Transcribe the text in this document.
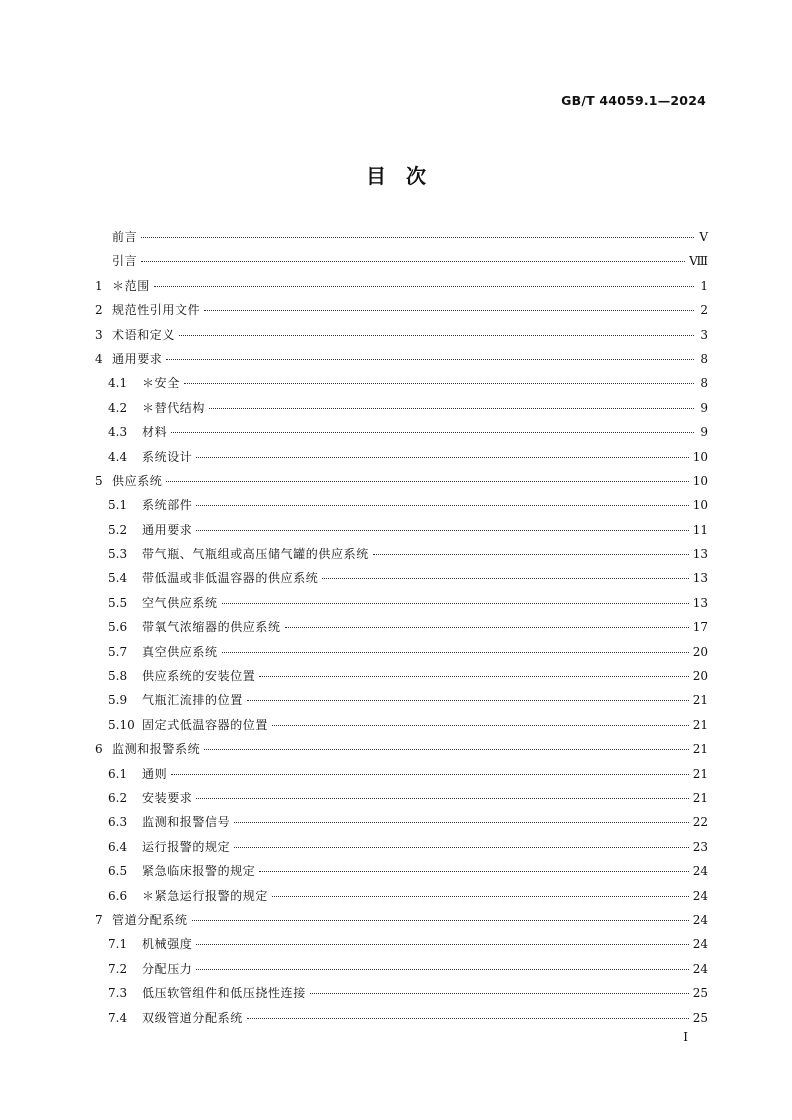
GB/T 44059.1—2024
目　次
前言	Ⅴ
引言	Ⅷ
1 ＊范围	1
2 规范性引用文件	2
3 术语和定义	3
4 通用要求	8
4.1	＊安全	8
4.2	＊替代结构	9
4.3	材料	9
4.4	系统设计	10
5 供应系统	10
5.1	系统部件	10
5.2	通用要求	11
5.3	带气瓶、气瓶组或高压储气罐的供应系统	13
5.4	带低温或非低温容器的供应系统	13
5.5	空气供应系统	13
5.6	带氧气浓缩器的供应系统	17
5.7	真空供应系统	20
5.8	供应系统的安装位置	20
5.9	气瓶汇流排的位置	21
5.10 固定式低温容器的位置	21
6 监测和报警系统	21
6.1	通则	21
6.2	安装要求	21
6.3	监测和报警信号	22
6.4	运行报警的规定	23
6.5	紧急临床报警的规定	24
6.6	＊紧急运行报警的规定	24
7 管道分配系统	24
7.1	机械强度	24
7.2	分配压力	24
7.3	低压软管组件和低压挠性连接	25
7.4	双级管道分配系统	25
Ⅰ
